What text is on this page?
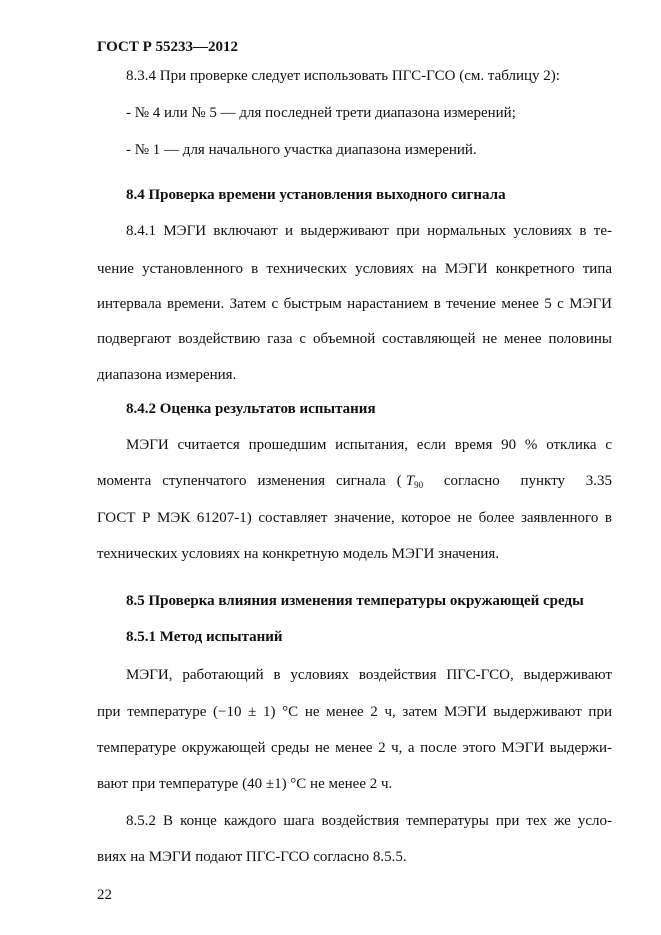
ГОСТ Р 55233—2012
8.3.4 При проверке следует использовать ПГС-ГСО (см. таблицу 2):
- № 4 или № 5 — для последней трети диапазона измерений;
- № 1 — для начального участка диапазона измерений.
8.4 Проверка времени установления выходного сигнала
8.4.1 МЭГИ включают и выдерживают при нормальных условиях в те-
чение установленного в технических условиях на МЭГИ конкретного типа
интервала времени. Затем с быстрым нарастанием в течение менее 5 с МЭГИ
подвергают воздействию газа с объемной составляющей не менее половины
диапазона измерения.
8.4.2 Оценка результатов испытания
МЭГИ считается прошедшим испытания, если время 90 % отклика с
момента ступенчатого изменения сигнала ( $T_{90}$ согласно пункту 3.35
ГОСТ Р МЭК 61207-1) составляет значение, которое не более заявленного в
технических условиях на конкретную модель МЭГИ значения.
8.5 Проверка влияния изменения температуры окружающей среды
8.5.1 Метод испытаний
МЭГИ, работающий в условиях воздействия ПГС-ГСО, выдерживают
при температуре (−10 ± 1) °С не менее 2 ч, затем МЭГИ выдерживают при
температуре окружающей среды не менее 2 ч, а после этого МЭГИ выдержи-
вают при температуре (40 ±1) °С не менее 2 ч.
8.5.2 В конце каждого шага воздействия температуры при тех же усло-
виях на МЭГИ подают ПГС-ГСО согласно 8.5.5.
22
